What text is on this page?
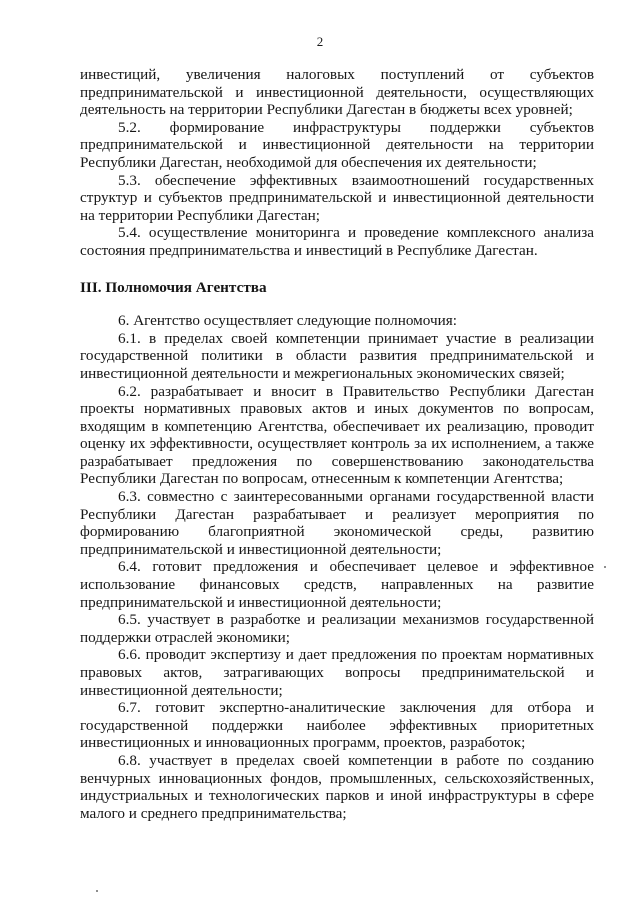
2
инвестиций, увеличения налоговых поступлений от субъектов предпринимательской и инвестиционной деятельности, осуществляющих деятельность на территории Республики Дагестан в бюджеты всех уровней;
5.2. формирование инфраструктуры поддержки субъектов предпринимательской и инвестиционной деятельности на территории Республики Дагестан, необходимой для обеспечения их деятельности;
5.3. обеспечение эффективных взаимоотношений государственных структур и субъектов предпринимательской и инвестиционной деятельности на территории Республики Дагестан;
5.4. осуществление мониторинга и проведение комплексного анализа состояния предпринимательства и инвестиций в Республике Дагестан.
III. Полномочия Агентства
6. Агентство осуществляет следующие полномочия:
6.1. в пределах своей компетенции принимает участие в реализации государственной политики в области развития предпринимательской и инвестиционной деятельности и межрегиональных экономических связей;
6.2. разрабатывает и вносит в Правительство Республики Дагестан проекты нормативных правовых актов и иных документов по вопросам, входящим в компетенцию Агентства, обеспечивает их реализацию, проводит оценку их эффективности, осуществляет контроль за их исполнением, а также разрабатывает предложения по совершенствованию законодательства Республики Дагестан по вопросам, отнесенным к компетенции Агентства;
6.3. совместно с заинтересованными органами государственной власти Республики Дагестан разрабатывает и реализует мероприятия по формированию благоприятной экономической среды, развитию предпринимательской и инвестиционной деятельности;
6.4. готовит предложения и обеспечивает целевое и эффективное использование финансовых средств, направленных на развитие предпринимательской и инвестиционной деятельности;
6.5. участвует в разработке и реализации механизмов государственной поддержки отраслей экономики;
6.6. проводит экспертизу и дает предложения по проектам нормативных правовых актов, затрагивающих вопросы предпринимательской и инвестиционной деятельности;
6.7. готовит экспертно-аналитические заключения для отбора и государственной поддержки наиболее эффективных приоритетных инвестиционных и инновационных программ, проектов, разработок;
6.8. участвует в пределах своей компетенции в работе по созданию венчурных инновационных фондов, промышленных, сельскохозяйственных, индустриальных и технологических парков и иной инфраструктуры в сфере малого и среднего предпринимательства;
